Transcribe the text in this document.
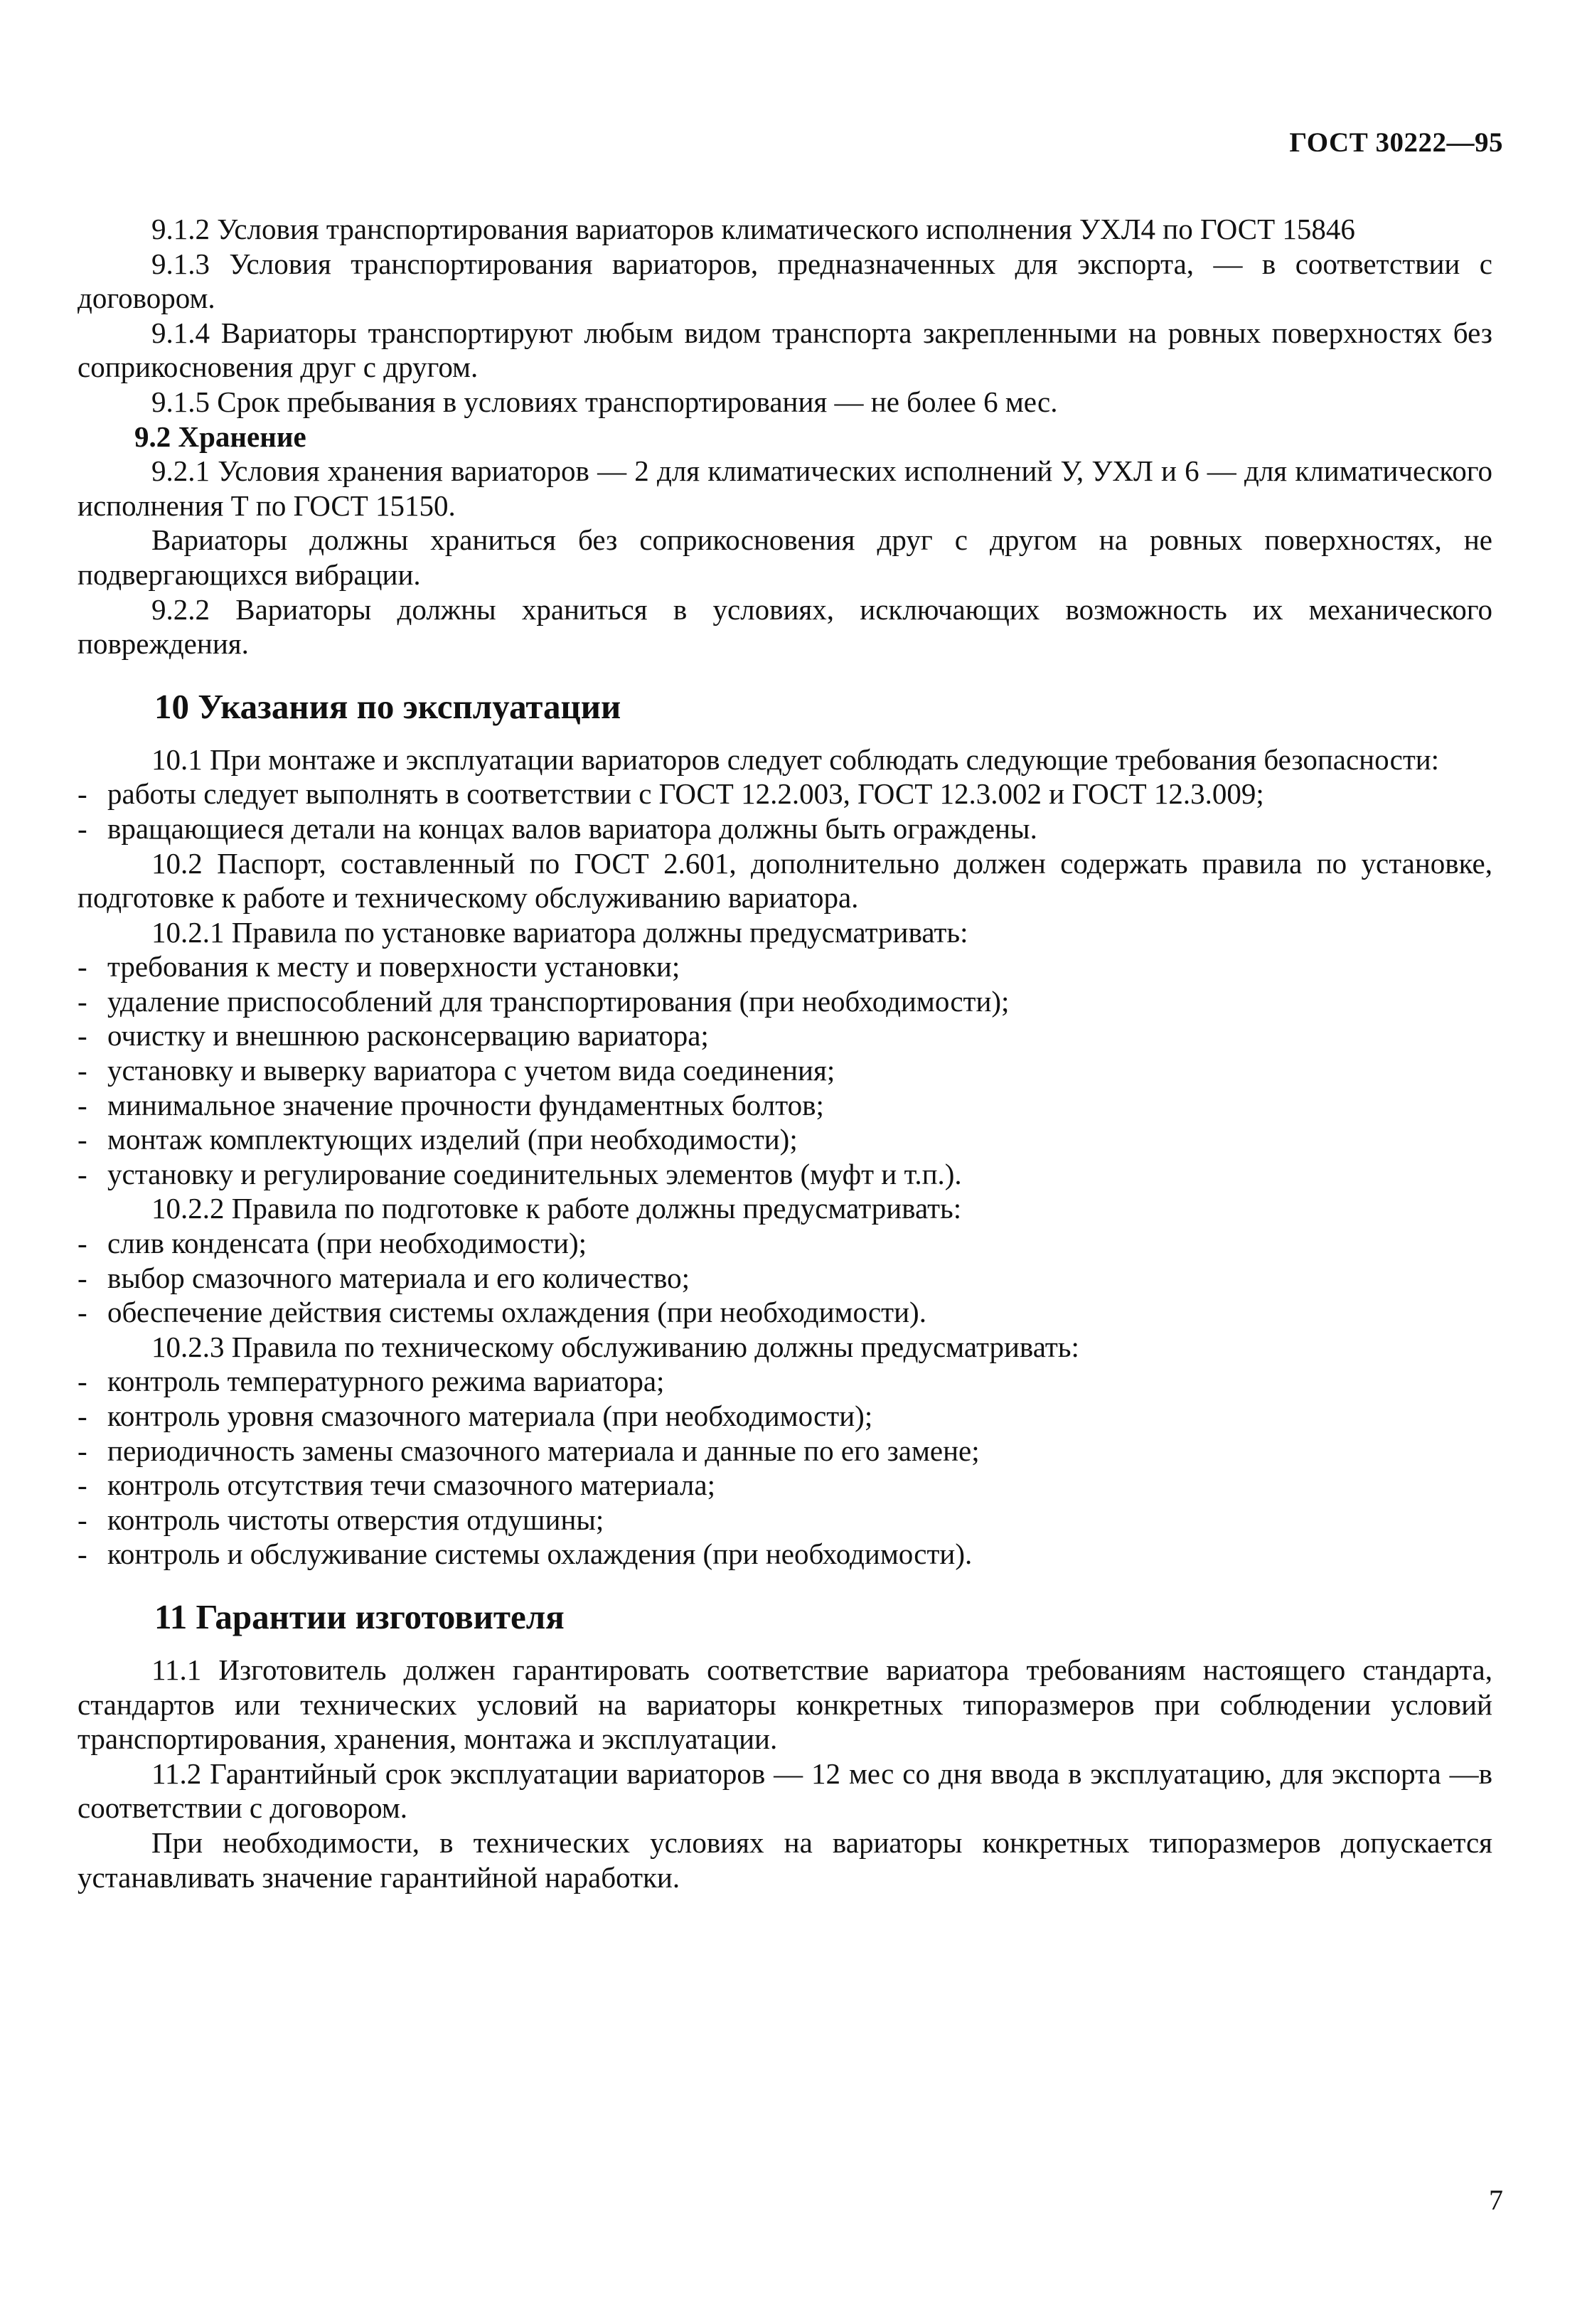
ГОСТ 30222—95
9.1.2 Условия транспортирования вариаторов климатического исполнения УХЛ4 по ГОСТ 15846
9.1.3 Условия транспортирования вариаторов, предназначенных для экспорта, — в соответствии с договором.
9.1.4 Вариаторы транспортируют любым видом транспорта закрепленными на ровных поверхностях без соприкосновения друг с другом.
9.1.5 Срок пребывания в условиях транспортирования — не более 6 мес.
9.2 Хранение
9.2.1 Условия хранения вариаторов — 2 для климатических исполнений У, УХЛ и 6 — для климатического исполнения Т по ГОСТ 15150.
Вариаторы должны храниться без соприкосновения друг с другом на ровных поверхностях, не подвергающихся вибрации.
9.2.2 Вариаторы должны храниться в условиях, исключающих возможность их механического повреждения.
10 Указания по эксплуатации
10.1 При монтаже и эксплуатации вариаторов следует соблюдать следующие требования безопасности:
- работы следует выполнять в соответствии с ГОСТ 12.2.003, ГОСТ 12.3.002 и ГОСТ 12.3.009;
- вращающиеся детали на концах валов вариатора должны быть ограждены.
10.2 Паспорт, составленный по ГОСТ 2.601, дополнительно должен содержать правила по установке, подготовке к работе и техническому обслуживанию вариатора.
10.2.1 Правила по установке вариатора должны предусматривать:
- требования к месту и поверхности установки;
- удаление приспособлений для транспортирования (при необходимости);
- очистку и внешнюю расконсервацию вариатора;
- установку и выверку вариатора с учетом вида соединения;
- минимальное значение прочности фундаментных болтов;
- монтаж комплектующих изделий (при необходимости);
- установку и регулирование соединительных элементов (муфт и т.п.).
10.2.2 Правила по подготовке к работе должны предусматривать:
- слив конденсата (при необходимости);
- выбор смазочного материала и его количество;
- обеспечение действия системы охлаждения (при необходимости).
10.2.3 Правила по техническому обслуживанию должны предусматривать:
- контроль температурного режима вариатора;
- контроль уровня смазочного материала (при необходимости);
- периодичность замены смазочного материала и данные по его замене;
- контроль отсутствия течи смазочного материала;
- контроль чистоты отверстия отдушины;
- контроль и обслуживание системы охлаждения (при необходимости).
11 Гарантии изготовителя
11.1 Изготовитель должен гарантировать соответствие вариатора требованиям настоящего стандарта, стандартов или технических условий на вариаторы конкретных типоразмеров при соблюдении условий транспортирования, хранения, монтажа и эксплуатации.
11.2 Гарантийный срок эксплуатации вариаторов — 12 мес со дня ввода в эксплуатацию, для экспорта —в соответствии с договором.
При необходимости, в технических условиях на вариаторы конкретных типоразмеров допускается устанавливать значение гарантийной наработки.
7
